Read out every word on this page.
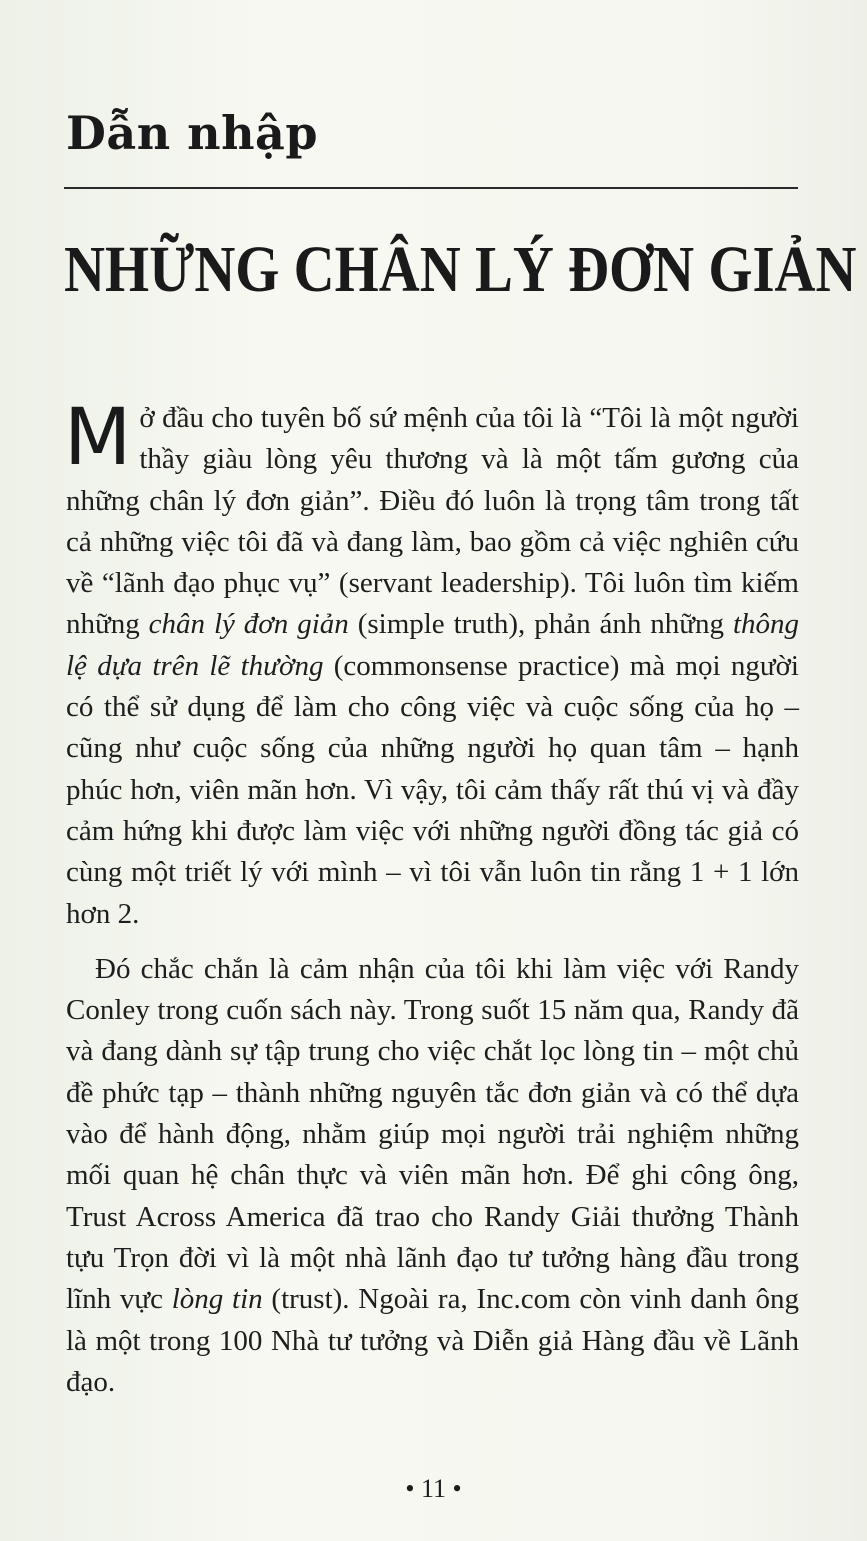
Dẫn nhập
NHỮNG CHÂN LÝ ĐƠN GIẢN

Mở đầu cho tuyên bố sứ mệnh của tôi là “Tôi là một người thầy giàu lòng yêu thương và là một tấm gương của những chân lý đơn giản”. Điều đó luôn là trọng tâm trong tất cả những việc tôi đã và đang làm, bao gồm cả việc nghiên cứu về “lãnh đạo phục vụ” (servant leadership). Tôi luôn tìm kiếm những chân lý đơn giản (simple truth), phản ánh những thông lệ dựa trên lẽ thường (commonsense practice) mà mọi người có thể sử dụng để làm cho công việc và cuộc sống của họ – cũng như cuộc sống của những người họ quan tâm – hạnh phúc hơn, viên mãn hơn. Vì vậy, tôi cảm thấy rất thú vị và đầy cảm hứng khi được làm việc với những người đồng tác giả có cùng một triết lý với mình – vì tôi vẫn luôn tin rằng 1 + 1 lớn hơn 2.

 Đó chắc chắn là cảm nhận của tôi khi làm việc với Randy Conley trong cuốn sách này. Trong suốt 15 năm qua, Randy đã và đang dành sự tập trung cho việc chắt lọc lòng tin – một chủ đề phức tạp – thành những nguyên tắc đơn giản và có thể dựa vào để hành động, nhằm giúp mọi người trải nghiệm những mối quan hệ chân thực và viên mãn hơn. Để ghi công ông, Trust Across America đã trao cho Randy Giải thưởng Thành tựu Trọn đời vì là một nhà lãnh đạo tư tưởng hàng đầu trong lĩnh vực lòng tin (trust). Ngoài ra, Inc.com còn vinh danh ông là một trong 100 Nhà tư tưởng và Diễn giả Hàng đầu về Lãnh đạo.

• 11 •
